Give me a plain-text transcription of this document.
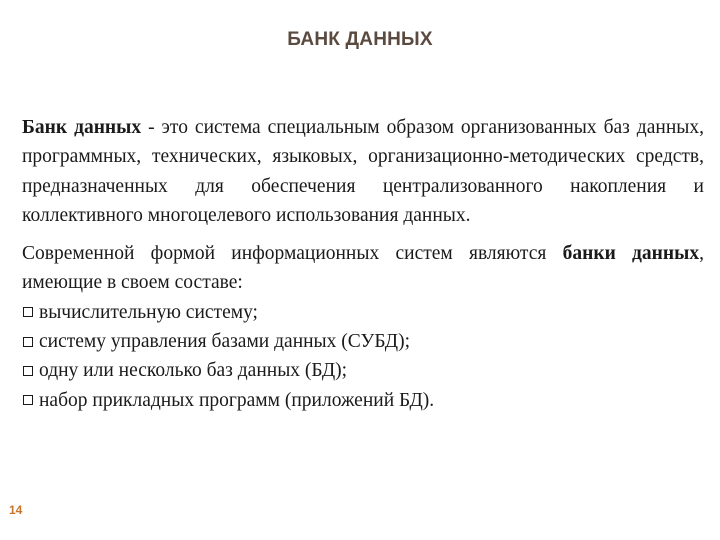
БАНК ДАННЫХ

Банк данных - это система специальным образом организованных баз данных, программных, технических, языковых, организационно-методических средств, предназначенных для обеспечения централизованного накопления и коллективного многоцелевого использования данных.

Современной формой информационных систем являются банки данных, имеющие в своем составе:

вычислительную систему;
систему управления базами данных (СУБД);
одну или несколько баз данных (БД);
набор прикладных программ (приложений БД).
14
